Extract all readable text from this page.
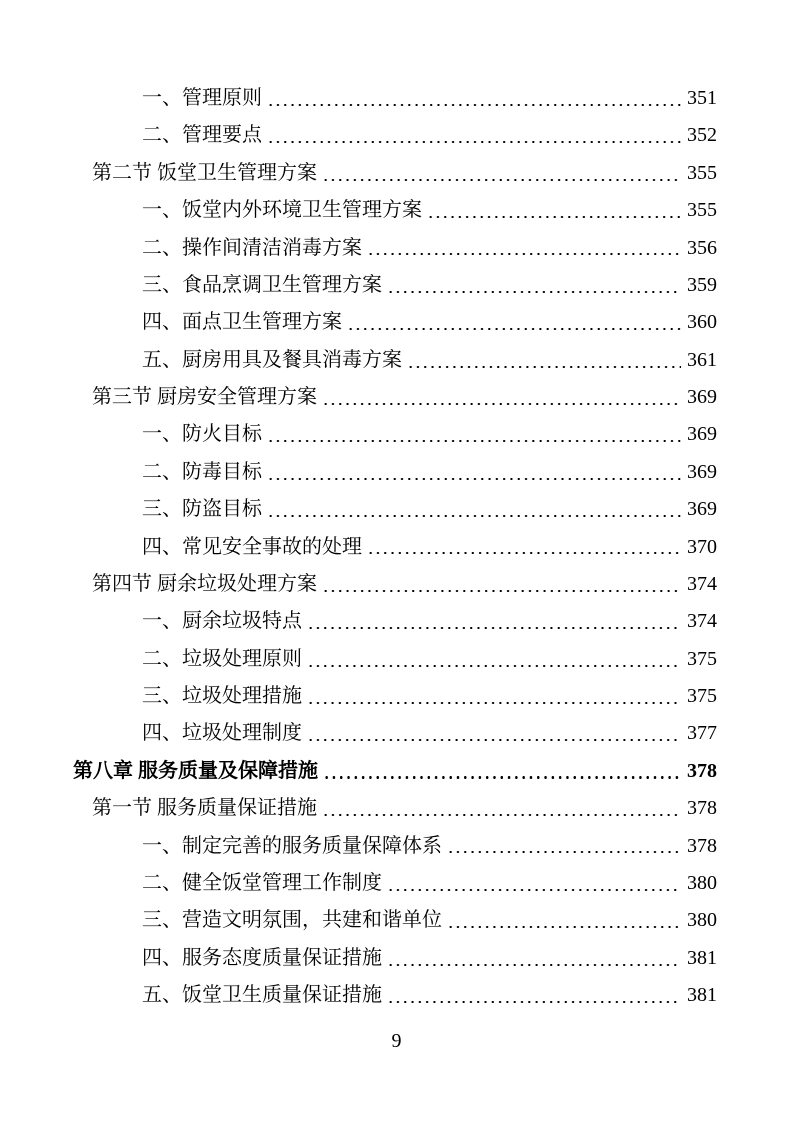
一、管理原则	351
二、管理要点	352
第二节 饭堂卫生管理方案	355
一、饭堂内外环境卫生管理方案	355
二、操作间清洁消毒方案	356
三、食品烹调卫生管理方案	359
四、面点卫生管理方案	360
五、厨房用具及餐具消毒方案	361
第三节 厨房安全管理方案	369
一、防火目标	369
二、防毒目标	369
三、防盗目标	369
四、常见安全事故的处理	370
第四节 厨余垃圾处理方案	374
一、厨余垃圾特点	374
二、垃圾处理原则	375
三、垃圾处理措施	375
四、垃圾处理制度	377
第八章 服务质量及保障措施	378
第一节 服务质量保证措施	378
一、制定完善的服务质量保障体系	378
二、健全饭堂管理工作制度	380
三、营造文明氛围，共建和谐单位	380
四、服务态度质量保证措施	381
五、饭堂卫生质量保证措施	381
9
